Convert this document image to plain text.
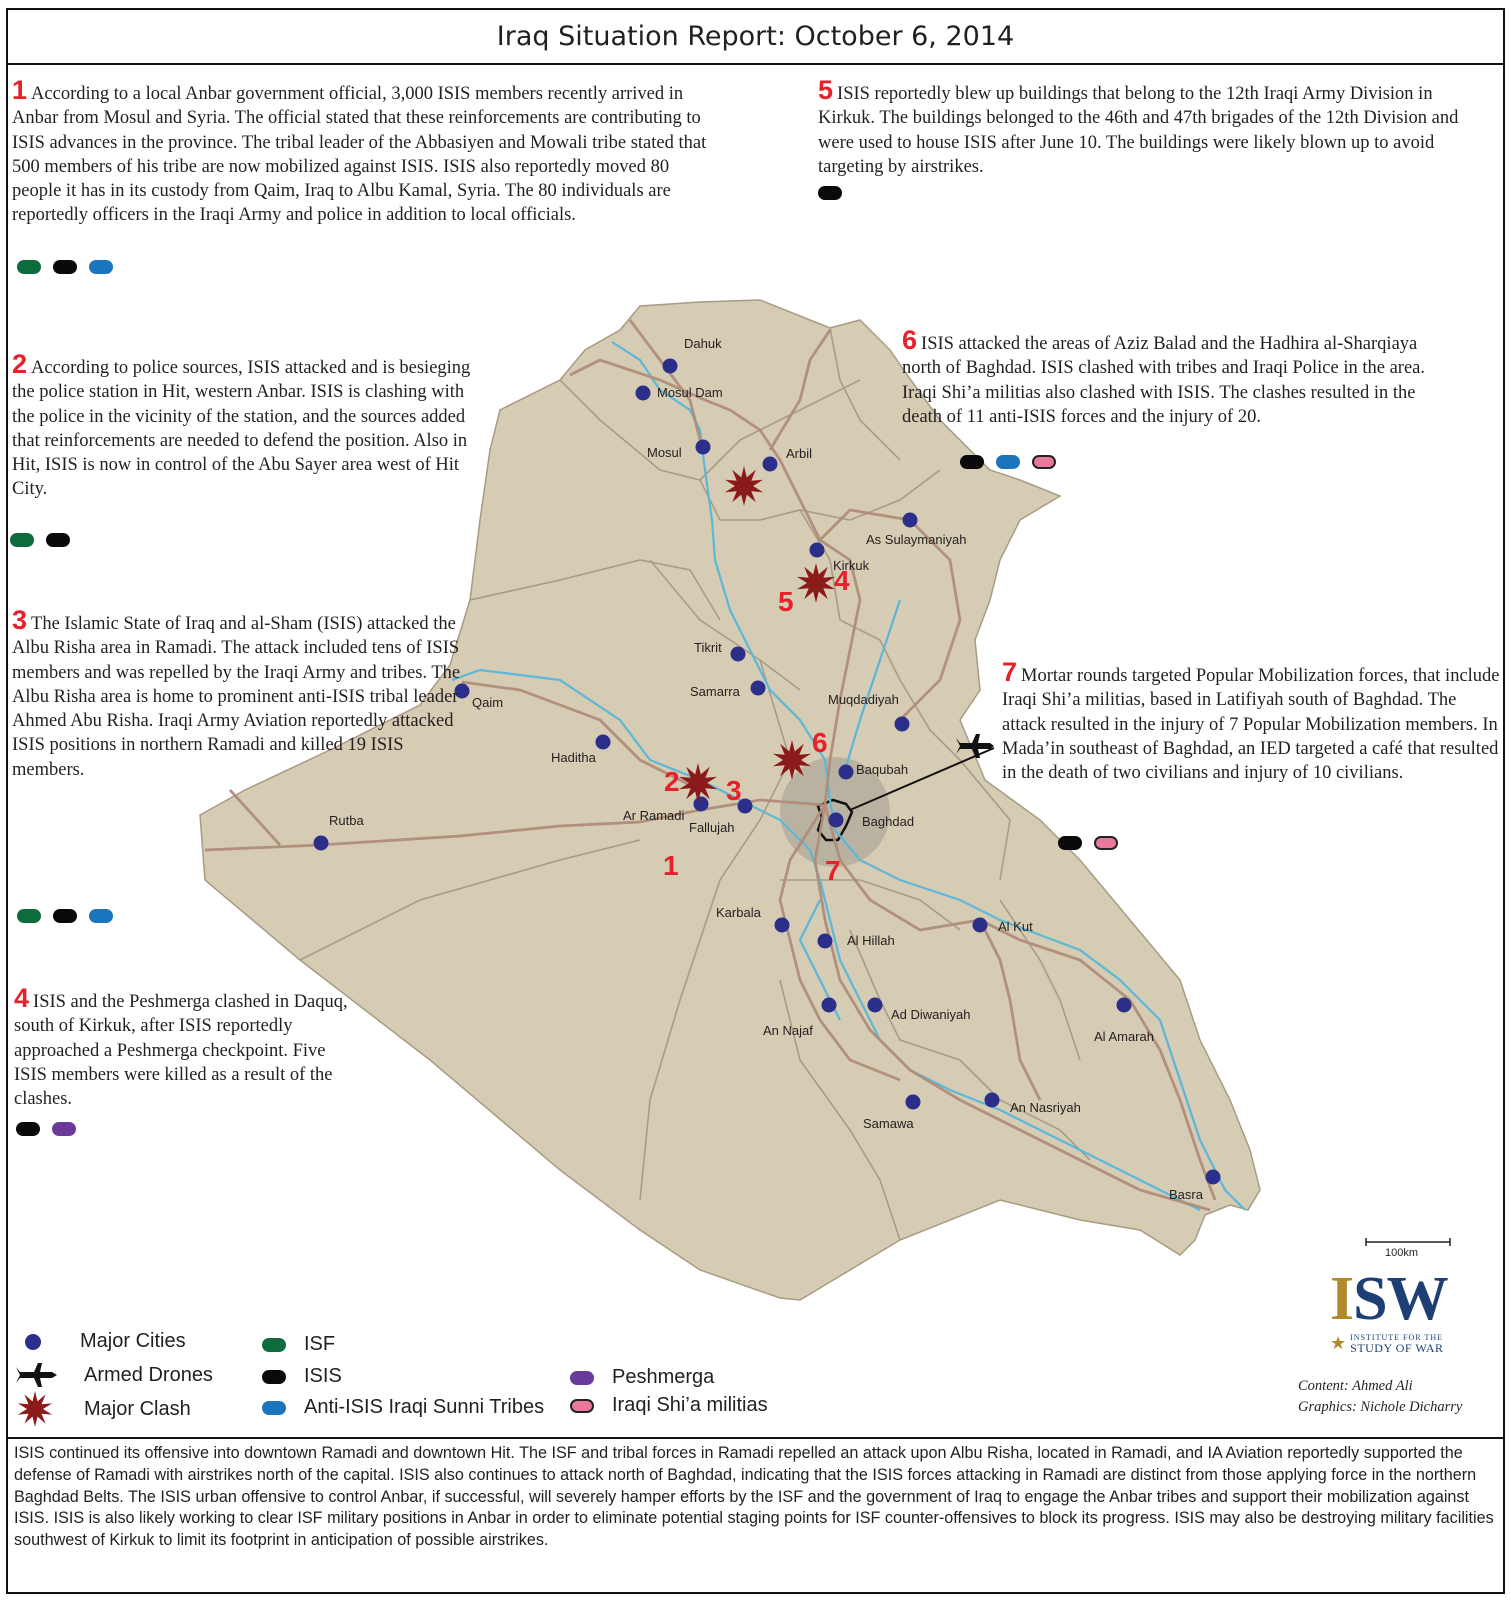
Iraq Situation Report: October 6, 2014
100km
Dahuk
Mosul Dam
Mosul	Arbil
As Sulaymaniyah
Kirkuk
Tikrit
Samarra
Muqdadiyah
Baqubah
Baghdad
Qaim
Haditha
Ar Ramadi
Fallujah
Rutba
Karbala
Al Hillah
Al Kut
An Najaf
Ad Diwaniyah
Al Amarah
Samawa
An Nasriyah
Basra
5
4
6
2 3
1	7
1 According to a local Anbar government official, 3,000 ISIS members recently arrived in Anbar from Mosul and Syria. The official stated that these reinforcements are contributing to ISIS advances in the province. The tribal leader of the Abbasiyen and Mowali tribe stated that 500 members of his tribe are now mobilized against ISIS. ISIS also reportedly moved 80 people it has in its custody from Qaim, Iraq to Albu Kamal, Syria. The 80 individuals are reportedly officers in the Iraqi Army and police in addition to local officials.
2 According to police sources, ISIS attacked and is besieging the police station in Hit, western Anbar. ISIS is clashing with the police in the vicinity of the station, and the sources added that reinforcements are needed to defend the position. Also in Hit, ISIS is now in control of the Abu Sayer area west of Hit City.
3 The Islamic State of Iraq and al-Sham (ISIS) attacked the Albu Risha area in Ramadi. The attack included tens of ISIS members and was repelled by the Iraqi Army and tribes. The Albu Risha area is home to prominent anti-ISIS tribal leader Ahmed Abu Risha. Iraqi Army Aviation reportedly attacked ISIS positions in northern Ramadi and killed 19 ISIS members.
4 ISIS and the Peshmerga clashed in Daquq, south of Kirkuk, after ISIS reportedly approached a Peshmerga checkpoint. Five ISIS members were killed as a result of the clashes.
5 ISIS reportedly blew up buildings that belong to the 12th Iraqi Army Division in Kirkuk. The buildings belonged to the 46th and 47th brigades of the 12th Division and were used to house ISIS after June 10. The buildings were likely blown up to avoid targeting by airstrikes.
6 ISIS attacked the areas of Aziz Balad and the Hadhira al-Sharqiaya north of Baghdad. ISIS clashed with tribes and Iraqi Police in the area. Iraqi Shi’a militias also clashed with ISIS. The clashes resulted in the death of 11 anti-ISIS forces and the injury of 20.
7 Mortar rounds targeted Popular Mobilization forces, that include Iraqi Shi’a militias, based in Latifiyah south of Baghdad. The attack resulted in the injury of 7 Popular Mobilization members. In Mada’in southeast of Baghdad, an IED targeted a café that resulted in the death of two civilians and injury of 10 civilians.
Major Cities
Armed Drones
Major Clash
ISF
ISIS
Anti-ISIS Iraqi Sunni Tribes
Peshmerga
Iraqi Shi’a militias
ISW
★ INSTITUTE FOR THE
STUDY OF WAR
Content: Ahmed Ali
Graphics: Nichole Dicharry
ISIS continued its offensive into downtown Ramadi and downtown Hit. The ISF and tribal forces in Ramadi repelled an attack upon Albu Risha, located in Ramadi, and IA Aviation reportedly supported the defense of Ramadi with airstrikes north of the capital. ISIS also continues to attack north of Baghdad, indicating that the ISIS forces attacking in Ramadi are distinct from those applying force in the northern Baghdad Belts. The ISIS urban offensive to control Anbar, if successful, will severely hamper efforts by the ISF and the government of Iraq to engage the Anbar tribes and support their mobilization against ISIS. ISIS is also likely working to clear ISF military positions in Anbar in order to eliminate potential staging points for ISF counter-offensives to block its progress. ISIS may also be destroying military facilities southwest of Kirkuk to limit its footprint in anticipation of possible airstrikes.
